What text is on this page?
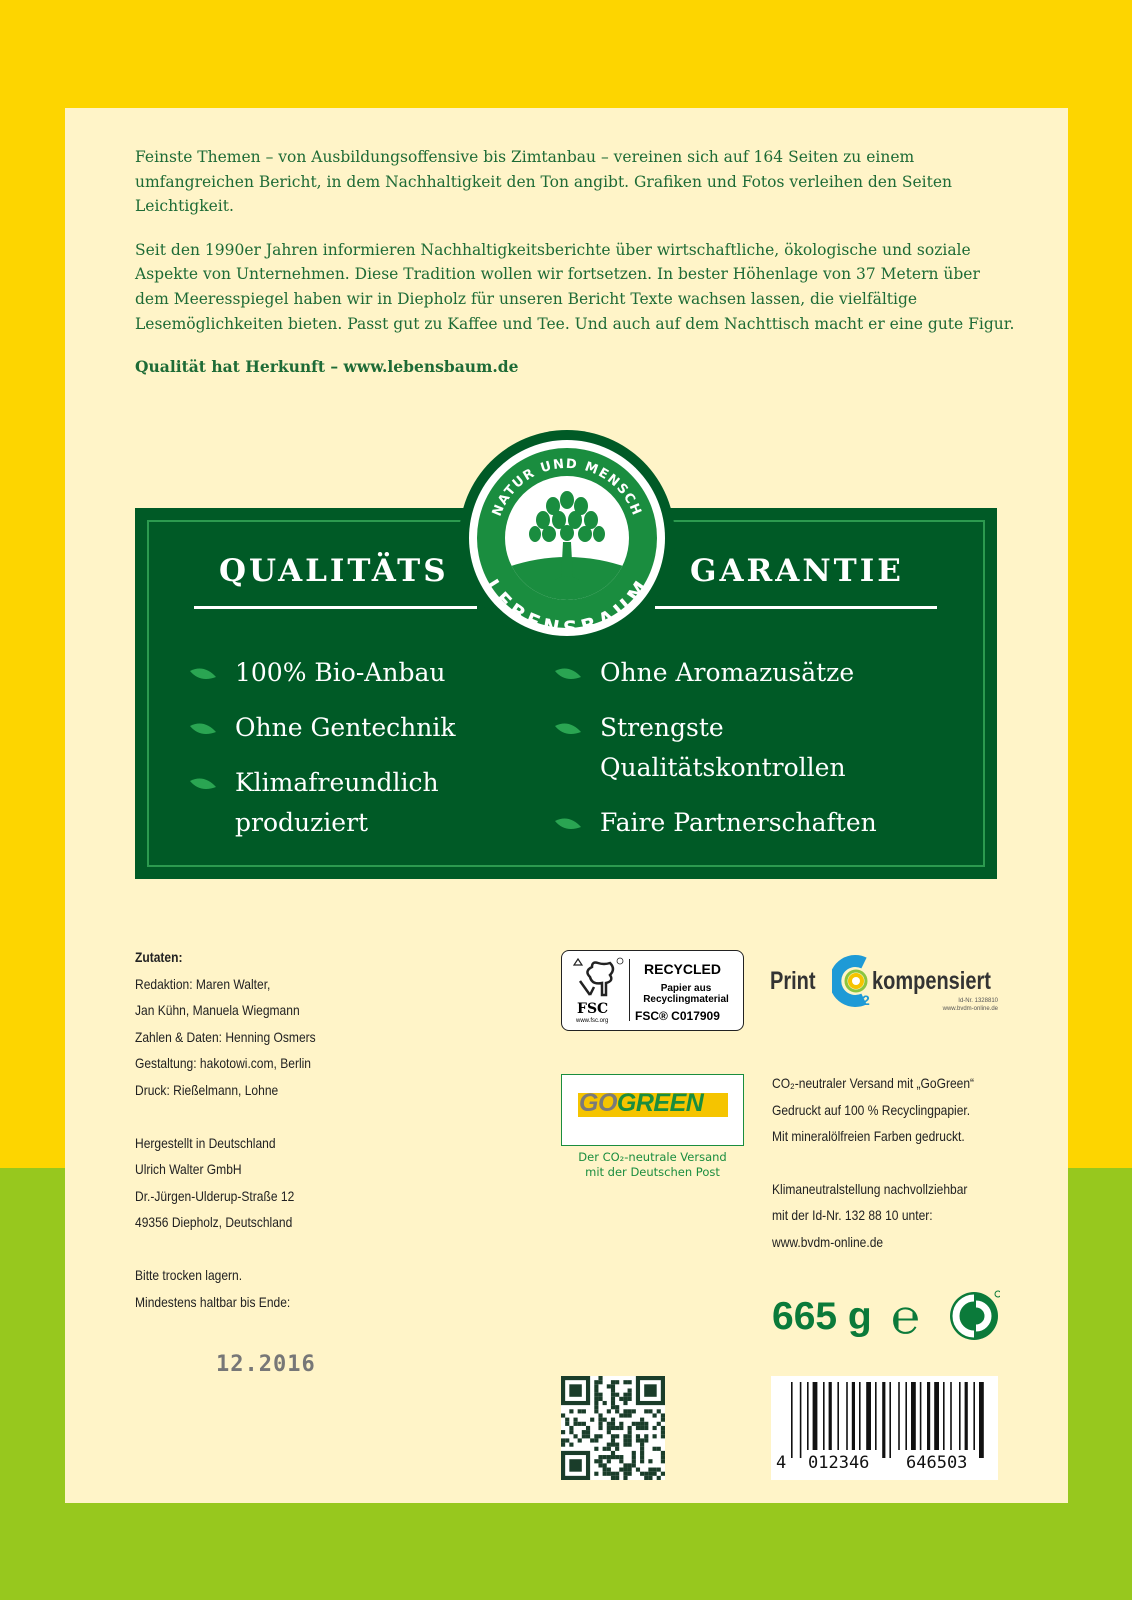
Feinste Themen – von Ausbildungsoffensive bis Zimtanbau – vereinen sich auf 164 Seiten zu einem umfangreichen Bericht, in dem Nachhaltigkeit den Ton angibt. Grafiken und Fotos verleihen den Seiten Leichtigkeit.

Seit den 1990er Jahren informieren Nachhaltigkeitsberichte über wirtschaftliche, ökologische und soziale Aspekte von Unternehmen. Diese Tradition wollen wir fortsetzen. In bester Höhenlage von 37 Metern über dem Meeresspiegel haben wir in Diepholz für unseren Bericht Texte wachsen lassen, die vielfältige Lesemöglichkeiten bieten. Passt gut zu Kaffee und Tee. Und auch auf dem Nachttisch macht er eine gute Figur.

Qualität hat Herkunft – www.lebensbaum.de

QUALITÄTS	GARANTIE
NATUR UND MENSCH
LEBENSBAUM
100% Bio-Anbau
Ohne Gentechnik
Klimafreundlich produziert
Ohne Aromazusätze
Strengste Qualitätskontrollen
Faire Partnerschaften
Zutaten:

Redaktion: Maren Walter,
Jan Kühn, Manuela Wiegmann
Zahlen & Daten: Henning Osmers
Gestaltung: hakotowi.com, Berlin
Druck: Rießelmann, Lohne

Hergestellt in Deutschland
Ulrich Walter GmbH
Dr.-Jürgen-Ulderup-Straße 12
49356 Diepholz, Deutschland

Bitte trocken lagern.
Mindestens haltbar bis Ende:

12.2016
FSC
www.fsc.org
RECYCLED
Papier aus
Recyclingmaterial
FSC® C017909
Print
2
kompensiert
Id-Nr. 1328810
www.bvdm-online.de
GOGREEN
Der CO₂-neutrale Versand
mit der Deutschen Post

CO₂-neutraler Versand mit „GoGreen“
Gedruckt auf 100 % Recyclingpapier.
Mit mineralölfreien Farben gedruckt.

Klimaneutralstellung nachvollziehbar
mit der Id-Nr. 132 88 10 unter:
www.bvdm-online.de

665 g ℮
4 012346 646503
